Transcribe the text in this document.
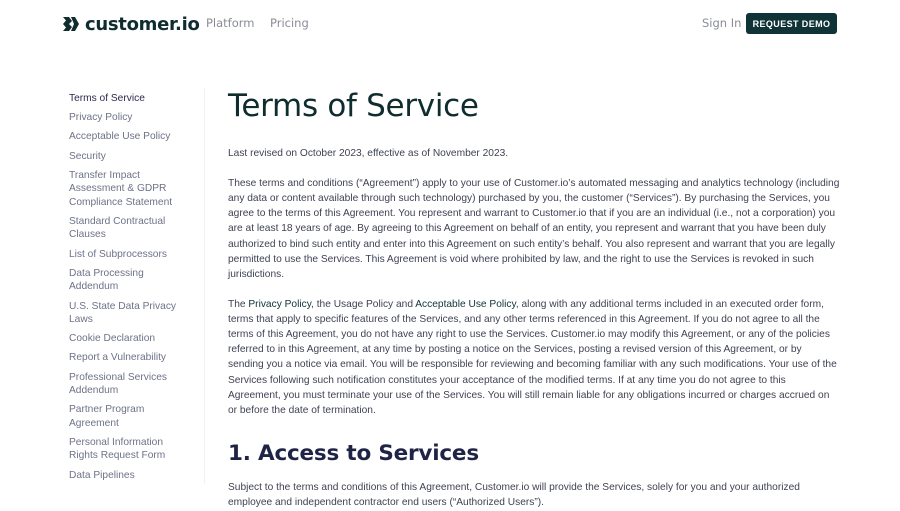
customer.io Platform Pricing	Sign In	REQUEST DEMO
Terms of Service
Privacy Policy
Acceptable Use Policy
Security
Transfer Impact Assessment & GDPR Compliance Statement
Standard Contractual Clauses
List of Subprocessors
Data Processing Addendum
U.S. State Data Privacy Laws
Cookie Declaration
Report a Vulnerability
Professional Services Addendum
Partner Program Agreement
Personal Information Rights Request Form
Data Pipelines
Terms of Service

Last revised on October 2023, effective as of November 2023.

These terms and conditions (“Agreement”) apply to your use of Customer.io’s automated messaging and analytics technology (including any data or content available through such technology) purchased by you, the customer (“Services”). By purchasing the Services, you agree to the terms of this Agreement. You represent and warrant to Customer.io that if you are an individual (i.e., not a corporation) you are at least 18 years of age. By agreeing to this Agreement on behalf of an entity, you represent and warrant that you have been duly authorized to bind such entity and enter into this Agreement on such entity’s behalf. You also represent and warrant that you are legally permitted to use the Services. This Agreement is void where prohibited by law, and the right to use the Services is revoked in such jurisdictions.

The Privacy Policy, the Usage Policy and Acceptable Use Policy, along with any additional terms included in an executed order form, terms that apply to specific features of the Services, and any other terms referenced in this Agreement. If you do not agree to all the terms of this Agreement, you do not have any right to use the Services. Customer.io may modify this Agreement, or any of the policies referred to in this Agreement, at any time by posting a notice on the Services, posting a revised version of this Agreement, or by sending you a notice via email. You will be responsible for reviewing and becoming familiar with any such modifications. Your use of the Services following such notification constitutes your acceptance of the modified terms. If at any time you do not agree to this Agreement, you must terminate your use of the Services. You will still remain liable for any obligations incurred or charges accrued on or before the date of termination.

1. Access to Services

Subject to the terms and conditions of this Agreement, Customer.io will provide the Services, solely for you and your authorized employee and independent contractor end users (“Authorized Users”).
